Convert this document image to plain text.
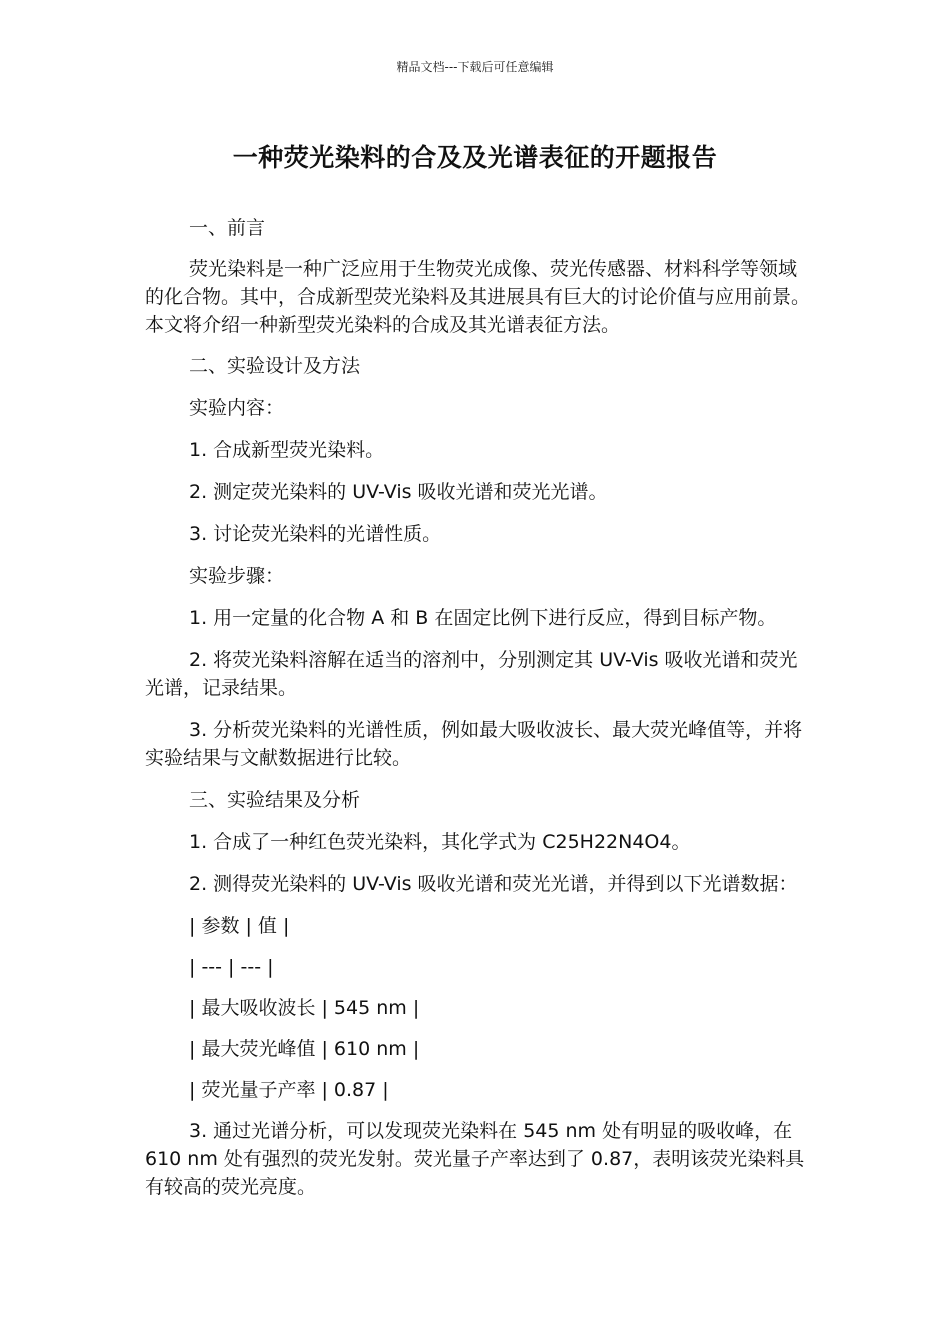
精品文档---下载后可任意编辑
一种荧光染料的合及及光谱表征的开题报告

一、前言

荧光染料是一种广泛应用于生物荧光成像、荧光传感器、材料科学等领域的化合物。其中，合成新型荧光染料及其进展具有巨大的讨论价值与应用前景。本文将介绍一种新型荧光染料的合成及其光谱表征方法。

二、实验设计及方法

实验内容：

1. 合成新型荧光染料。

2. 测定荧光染料的 UV-Vis 吸收光谱和荧光光谱。

3. 讨论荧光染料的光谱性质。

实验步骤：

1. 用一定量的化合物 A 和 B 在固定比例下进行反应，得到目标产物。

2. 将荧光染料溶解在适当的溶剂中，分别测定其 UV-Vis 吸收光谱和荧光光谱，记录结果。

3. 分析荧光染料的光谱性质，例如最大吸收波长、最大荧光峰值等，并将实验结果与文献数据进行比较。

三、实验结果及分析

1. 合成了一种红色荧光染料，其化学式为 C25H22N4O4。

2. 测得荧光染料的 UV-Vis 吸收光谱和荧光光谱，并得到以下光谱数据：

| 参数 | 值 |

| --- | --- |

| 最大吸收波长 | 545 nm |

| 最大荧光峰值 | 610 nm |

| 荧光量子产率 | 0.87 |

3. 通过光谱分析，可以发现荧光染料在 545 nm 处有明显的吸收峰，在 610 nm 处有强烈的荧光发射。荧光量子产率达到了 0.87，表明该荧光染料具有较高的荧光亮度。
